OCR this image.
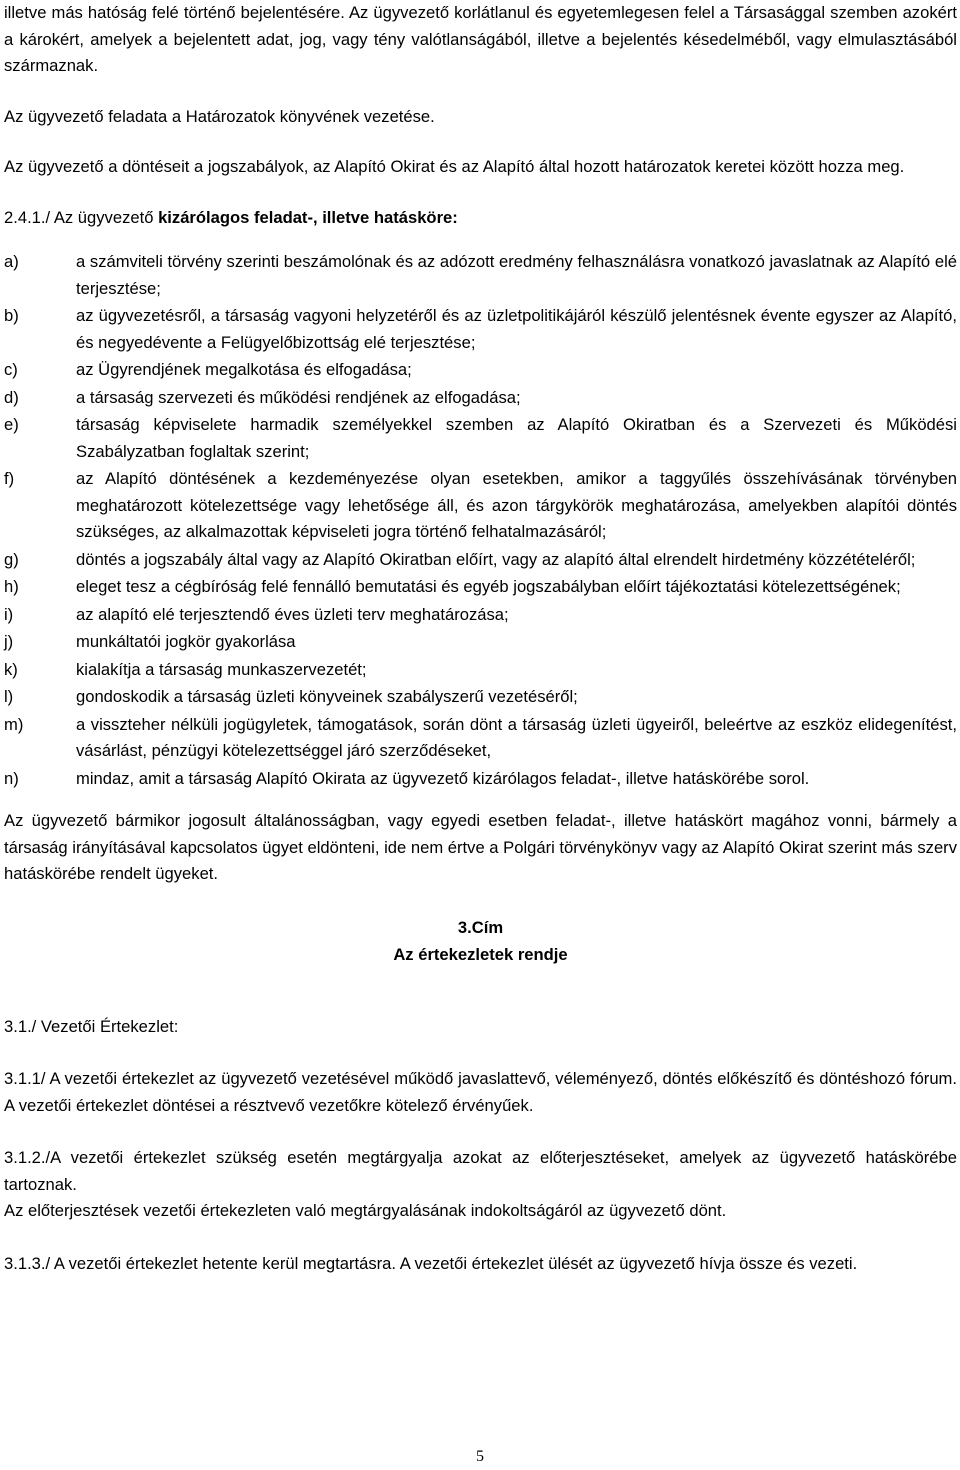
illetve más hatóság felé történő bejelentésére. Az ügyvezető korlátlanul és egyetemlegesen felel a Társasággal szemben azokért a károkért, amelyek a bejelentett adat, jog, vagy tény valótlanságából, illetve a bejelentés késedelméből, vagy elmulasztásából származnak.

Az ügyvezető feladata a Határozatok könyvének vezetése.

Az ügyvezető a döntéseit a jogszabályok, az Alapító Okirat és az Alapító által hozott határozatok keretei között hozza meg.

2.4.1./ Az ügyvezető kizárólagos feladat-, illetve hatásköre:

a)	a számviteli törvény szerinti beszámolónak és az adózott eredmény felhasználásra vonatkozó javaslatnak az Alapító elé terjesztése;
b)	az ügyvezetésről, a társaság vagyoni helyzetéről és az üzletpolitikájáról készülő jelentésnek évente egyszer az Alapító, és negyedévente a Felügyelőbizottság elé terjesztése;
c)	az Ügyrendjének megalkotása és elfogadása;
d)	a társaság szervezeti és működési rendjének az elfogadása;
e)	társaság képviselete harmadik személyekkel szemben az Alapító Okiratban és a Szervezeti és Működési Szabályzatban foglaltak szerint;
f)	az Alapító döntésének a kezdeményezése olyan esetekben, amikor a taggyűlés összehívásának törvényben meghatározott kötelezettsége vagy lehetősége áll, és azon tárgykörök meghatározása, amelyekben alapítói döntés szükséges, az alkalmazottak képviseleti jogra történő felhatalmazásáról;
g)	döntés a jogszabály által vagy az Alapító Okiratban előírt, vagy az alapító által elrendelt hirdetmény közzétételéről;
h)	eleget tesz a cégbíróság felé fennálló bemutatási és egyéb jogszabályban előírt tájékoztatási kötelezettségének;
i)	az alapító elé terjesztendő éves üzleti terv meghatározása;
j)	munkáltatói jogkör gyakorlása
k)	kialakítja a társaság munkaszervezetét;
l)	gondoskodik a társaság üzleti könyveinek szabályszerű vezetéséről;
m)	a visszteher nélküli jogügyletek, támogatások, során dönt a társaság üzleti ügyeiről, beleértve az eszköz elidegenítést, vásárlást, pénzügyi kötelezettséggel járó szerződéseket,
n)	mindaz, amit a társaság Alapító Okirata az ügyvezető kizárólagos feladat-, illetve hatáskörébe sorol.

Az ügyvezető bármikor jogosult általánosságban, vagy egyedi esetben feladat-, illetve hatáskört magához vonni, bármely a társaság irányításával kapcsolatos ügyet eldönteni, ide nem értve a Polgári törvénykönyv vagy az Alapító Okirat szerint más szerv hatáskörébe rendelt ügyeket.

3.Cím
Az értekezletek rendje

3.1./ Vezetői Értekezlet:

3.1.1/ A vezetői értekezlet az ügyvezető vezetésével működő javaslattevő, véleményező, döntés előkészítő és döntéshozó fórum. A vezetői értekezlet döntései a résztvevő vezetőkre kötelező érvényűek.

3.1.2./A vezetői értekezlet szükség esetén megtárgyalja azokat az előterjesztéseket, amelyek az ügyvezető hatáskörébe tartoznak.

Az előterjesztések vezetői értekezleten való megtárgyalásának indokoltságáról az ügyvezető dönt.

3.1.3./ A vezetői értekezlet hetente kerül megtartásra. A vezetői értekezlet ülését az ügyvezető hívja össze és vezeti.

5
